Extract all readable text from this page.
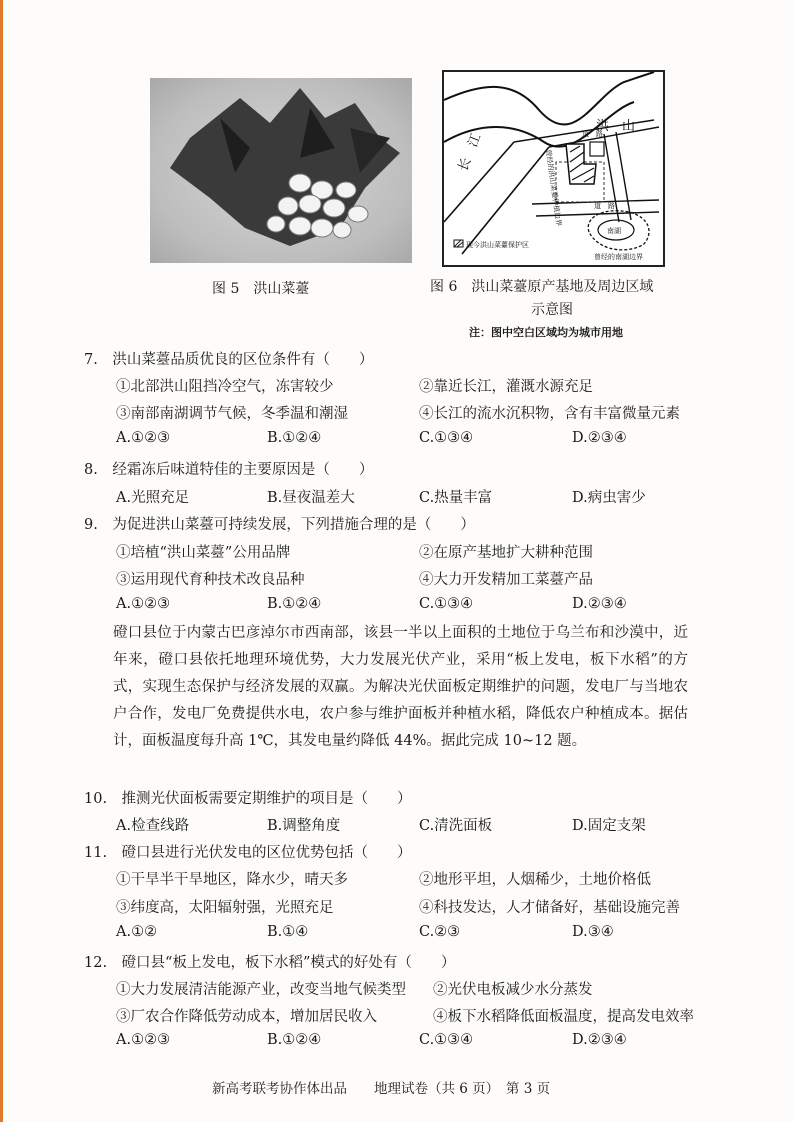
图 5　洪山菜薹
洪　山
长　江	道　路
道　路
曾经的洪山菜薹种植边界
现今洪山菜薹保护区
南湖
曾经的南湖边界
图 6　洪山菜薹原产基地及周边区域
示意图
注：图中空白区域均为城市用地
7.　洪山菜薹品质优良的区位条件有（　　）
①北部洪山阻挡冷空气，冻害较少	②靠近长江，灌溉水源充足
③南部南湖调节气候，冬季温和潮湿	④长江的流水沉积物，含有丰富微量元素
A.①②③	B.①②④	C.①③④	D.②③④
8.　经霜冻后味道特佳的主要原因是（　　）
A.光照充足	B.昼夜温差大	C.热量丰富	D.病虫害少
9.　为促进洪山菜薹可持续发展，下列措施合理的是（　　）
①培植“洪山菜薹”公用品牌	②在原产基地扩大耕种范围
③运用现代育种技术改良品种	④大力开发精加工菜薹产品
A.①②③	B.①②④	C.①③④	D.②③④
磴口县位于内蒙古巴彦淖尔市西南部，该县一半以上面积的土地位于乌兰布和沙漠中，近年来，磴口县依托地理环境优势，大力发展光伏产业，采用“板上发电，板下水稻”的方式，实现生态保护与经济发展的双赢。为解决光伏面板定期维护的问题，发电厂与当地农户合作，发电厂免费提供水电，农户参与维护面板并种植水稻，降低农户种植成本。据估计，面板温度每升高 1℃，其发电量约降低 44%。据此完成 10~12 题。
10.　推测光伏面板需要定期维护的项目是（　　）
A.检查线路	B.调整角度	C.清洗面板	D.固定支架
11.　磴口县进行光伏发电的区位优势包括（　　）
①干旱半干旱地区，降水少，晴天多	②地形平坦，人烟稀少，土地价格低
③纬度高，太阳辐射强，光照充足	④科技发达，人才储备好，基础设施完善
A.①②	B.①④	C.②③	D.③④
12.　磴口县“板上发电，板下水稻”模式的好处有（　　）
①大力发展清洁能源产业，改变当地气候类型 ②光伏电板减少水分蒸发
③厂农合作降低劳动成本，增加居民收入	④板下水稻降低面板温度，提高发电效率
A.①②③	B.①②④	C.①③④	D.②③④
新高考联考协作体出品　　地理试卷（共 6 页）　第 3 页
